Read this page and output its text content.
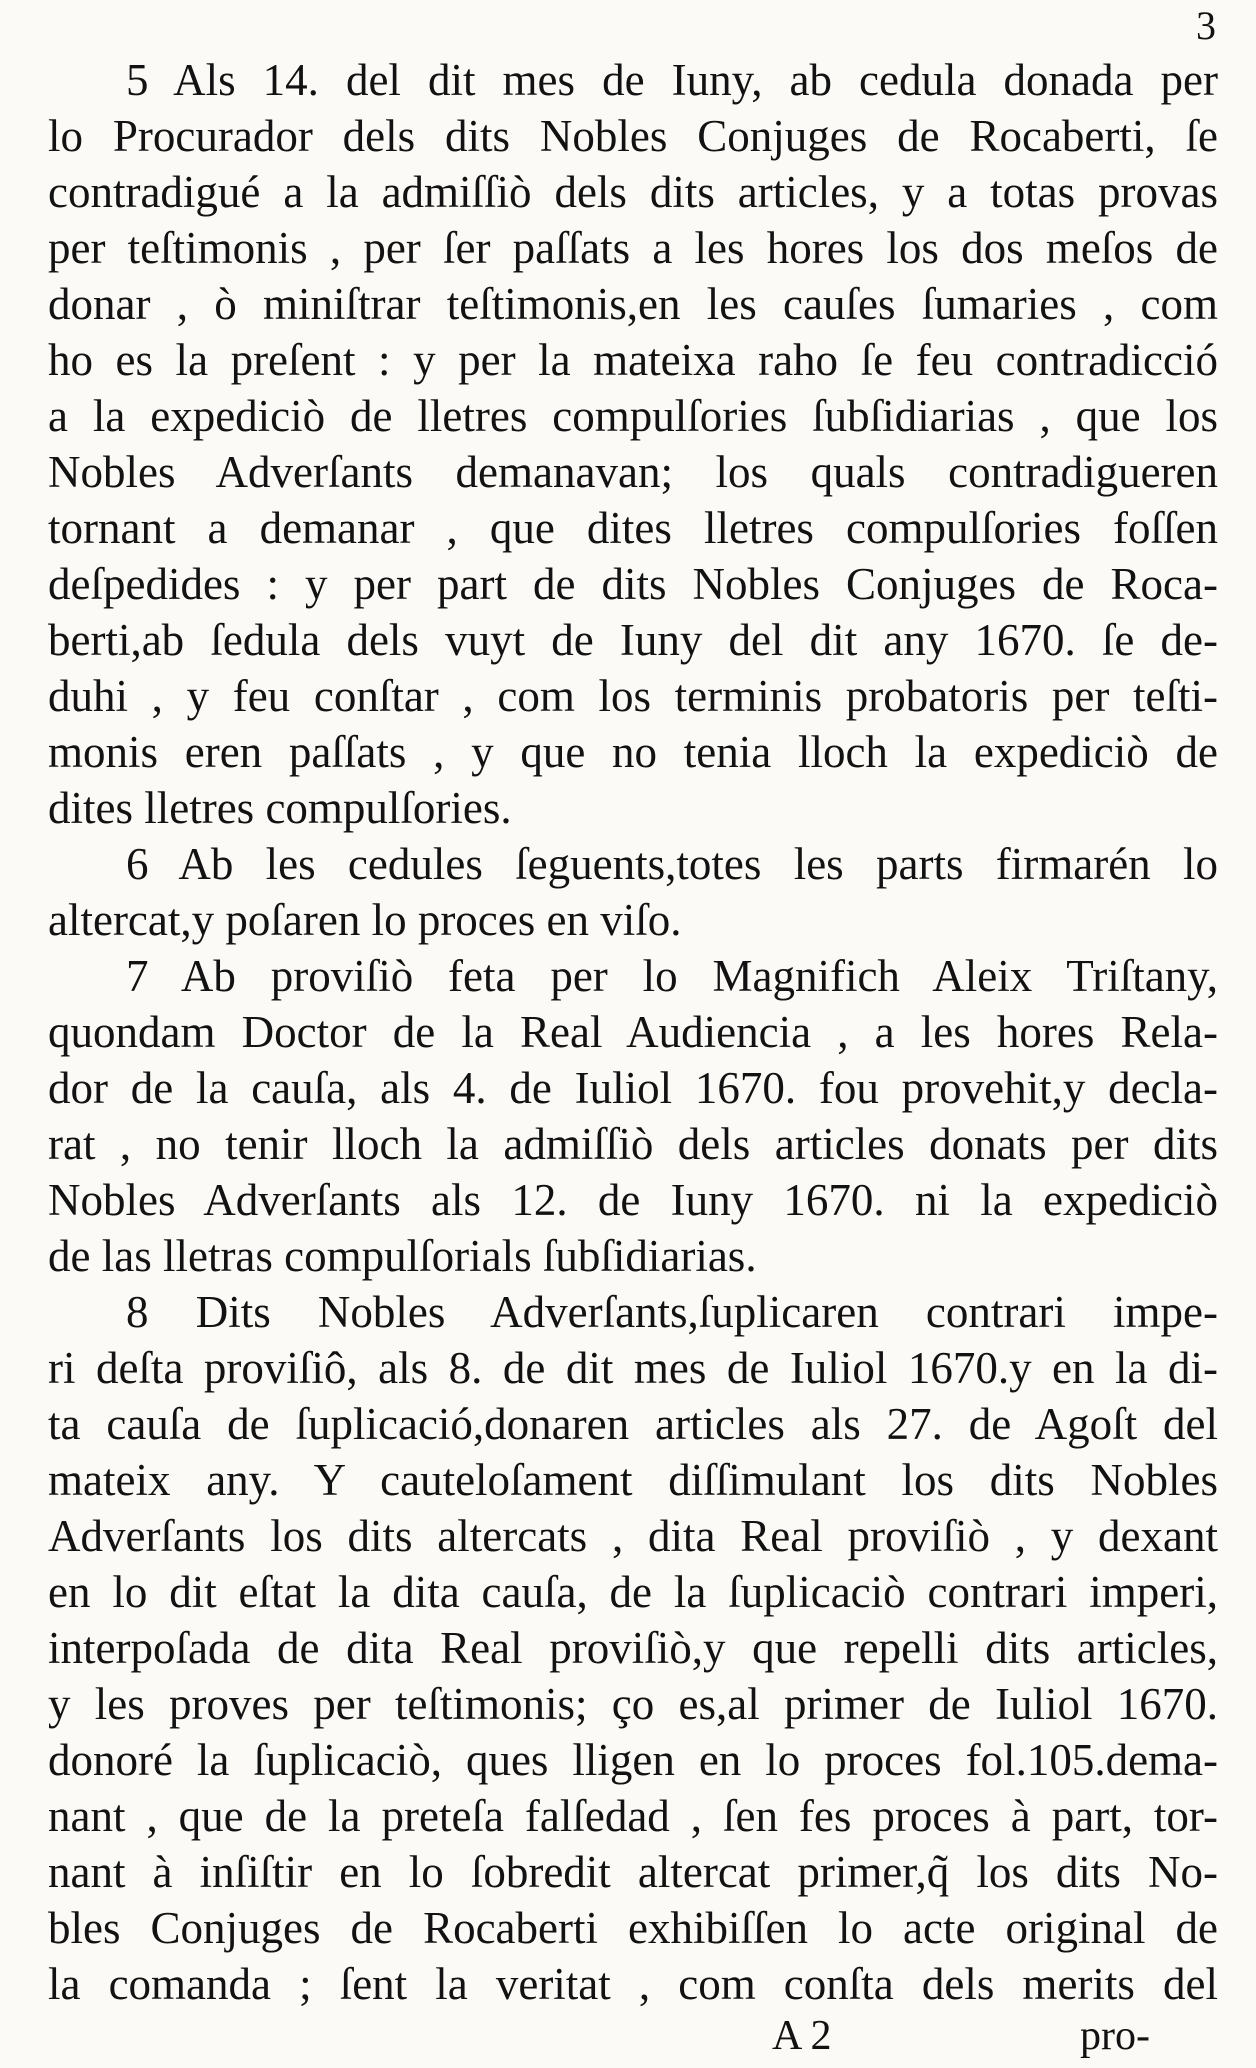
3
5 Als 14. del dit mes de Iuny, ab cedula donada per
lo Procurador dels dits Nobles Conjuges de Rocaberti, ſe
contradigué a la admiſſiò dels dits articles, y a totas provas
per teſtimonis , per ſer paſſats a les hores los dos meſos de
donar , ò miniſtrar teſtimonis,en les cauſes ſumaries , com
ho es la preſent : y per la mateixa raho ſe feu contradicció
a la expediciò de lletres compulſories ſubſidiarias , que los
Nobles Adverſants demanavan; los quals contradigueren
tornant a demanar , que dites lletres compulſories foſſen
deſpedides : y per part de dits Nobles Conjuges de Roca-
berti,ab ſedula dels vuyt de Iuny del dit any 1670. ſe de-
duhi , y feu conſtar , com los terminis probatoris per teſti-
monis eren paſſats , y que no tenia lloch la expediciò de
dites lletres compulſories.
6 Ab les cedules ſeguents,totes les parts firmarén lo
altercat,y poſaren lo proces en viſo.
7 Ab proviſiò feta per lo Magnifich Aleix Triſtany,
quondam Doctor de la Real Audiencia , a les hores Rela-
dor de la cauſa, als 4. de Iuliol 1670. fou provehit,y decla-
rat , no tenir lloch la admiſſiò dels articles donats per dits
Nobles Adverſants als 12. de Iuny 1670. ni la expediciò
de las lletras compulſorials ſubſidiarias.
8 Dits Nobles Adverſants,ſuplicaren contrari impe-
ri deſta proviſiô, als 8. de dit mes de Iuliol 1670.y en la di-
ta cauſa de ſuplicació,donaren articles als 27. de Agoſt del
mateix any. Y cauteloſament diſſimulant los dits Nobles
Adverſants los dits altercats , dita Real proviſiò , y dexant
en lo dit eſtat la dita cauſa, de la ſuplicaciò contrari imperi,
interpoſada de dita Real proviſiò,y que repelli dits articles,
y les proves per teſtimonis; ço es,al primer de Iuliol 1670.
donoré la ſuplicaciò, ques lligen en lo proces fol.105.dema-
nant , que de la preteſa falſedad , ſen fes proces à part, tor-
nant à inſiſtir en lo ſobredit altercat primer,q̃ los dits No-
bles Conjuges de Rocaberti exhibiſſen lo acte original de
la comanda ; ſent la veritat , com conſta dels merits del
A 2	pro-
